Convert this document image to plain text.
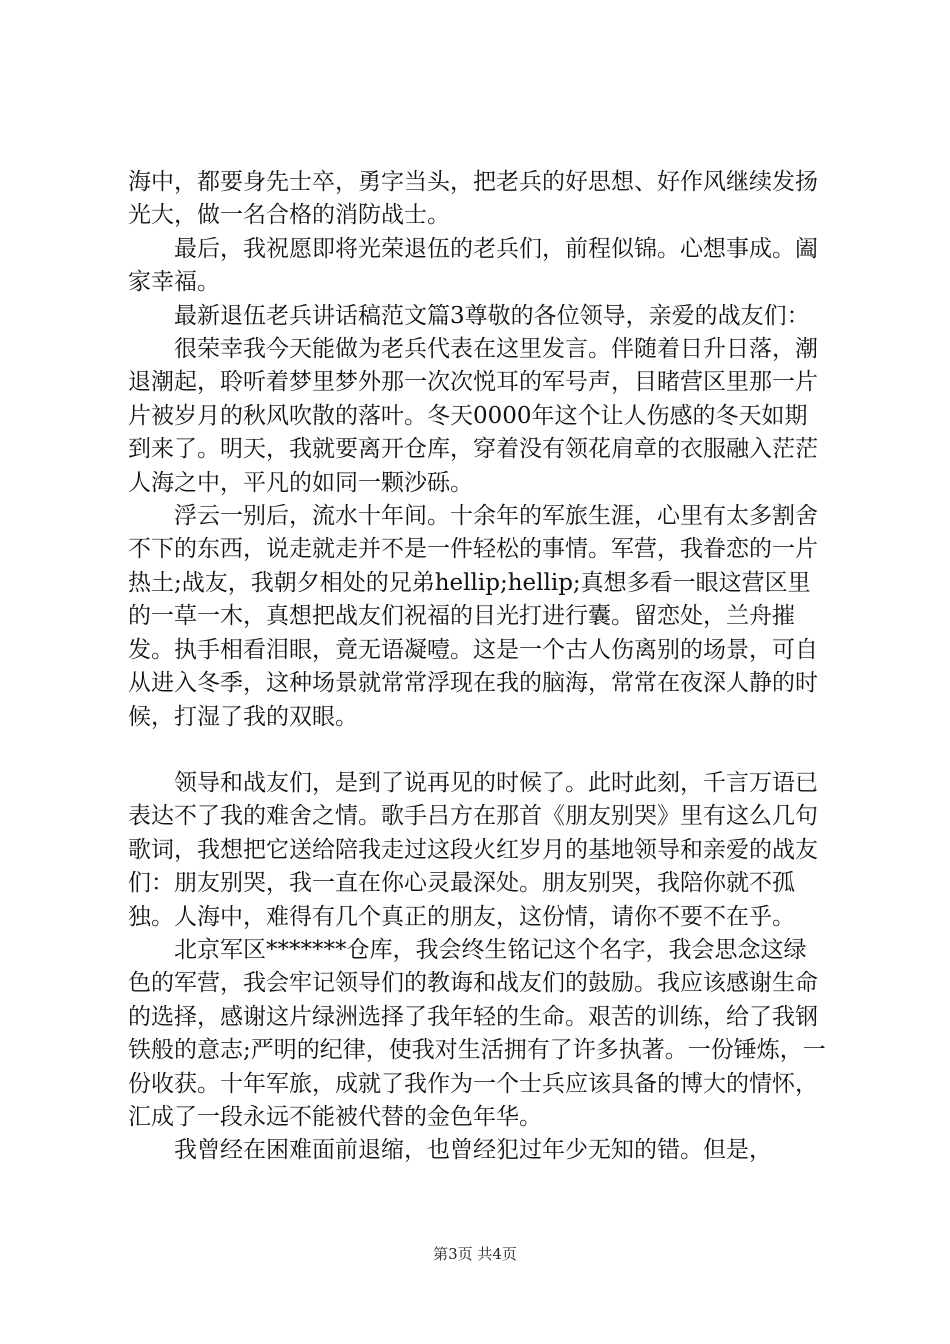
海中，都要身先士卒，勇字当头，把老兵的好思想、好作风继续发扬光大，做一名合格的消防战士。

最后，我祝愿即将光荣退伍的老兵们，前程似锦。心想事成。阖家幸福。

最新退伍老兵讲话稿范文篇3尊敬的各位领导，亲爱的战友们：

很荣幸我今天能做为老兵代表在这里发言。伴随着日升日落，潮退潮起，聆听着梦里梦外那一次次悦耳的军号声，目睹营区里那一片片被岁月的秋风吹散的落叶。冬天0000年这个让人伤感的冬天如期到来了。明天，我就要离开仓库，穿着没有领花肩章的衣服融入茫茫人海之中，平凡的如同一颗沙砾。

浮云一别后，流水十年间。十余年的军旅生涯，心里有太多割舍不下的东西，说走就走并不是一件轻松的事情。军营，我眷恋的一片热土;战友，我朝夕相处的兄弟hellip;hellip;真想多看一眼这营区里的一草一木，真想把战友们祝福的目光打进行囊。留恋处，兰舟摧发。执手相看泪眼，竟无语凝噎。这是一个古人伤离别的场景，可自从进入冬季，这种场景就常常浮现在我的脑海，常常在夜深人静的时候，打湿了我的双眼。

领导和战友们，是到了说再见的时候了。此时此刻，千言万语已表达不了我的难舍之情。歌手吕方在那首《朋友别哭》里有这么几句歌词，我想把它送给陪我走过这段火红岁月的基地领导和亲爱的战友们：朋友别哭，我一直在你心灵最深处。朋友别哭，我陪你就不孤独。人海中，难得有几个真正的朋友，这份情，请你不要不在乎。

北京军区*******仓库，我会终生铭记这个名字，我会思念这绿色的军营，我会牢记领导们的教诲和战友们的鼓励。我应该感谢生命的选择，感谢这片绿洲选择了我年轻的生命。艰苦的训练，给了我钢铁般的意志;严明的纪律，使我对生活拥有了许多执著。一份锤炼，一份收获。十年军旅，成就了我作为一个士兵应该具备的博大的情怀，汇成了一段永远不能被代替的金色年华。

我曾经在困难面前退缩，也曾经犯过年少无知的错。但是，

第3页 共4页
